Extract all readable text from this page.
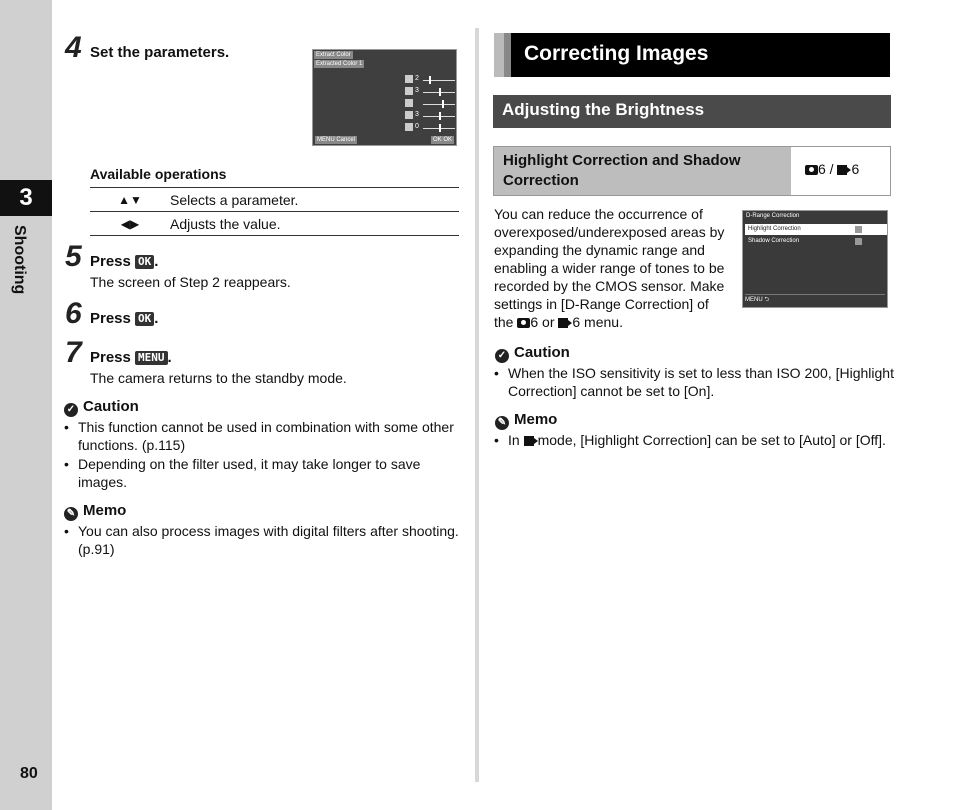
3
Shooting
80
4 Set the parameters.	Extract Color
Extracted Color 1
2
3
3
0
MENU Cancel	OK OK
Available operations
▲▼	Selects a parameter.
◀▶	Adjusts the value.
5 Press OK .
The screen of Step 2 reappears.
6 Press OK .
7 Press MENU .
The camera returns to the standby mode.
✓ Caution
• This function cannot be used in combination with some other functions. (p.115)
• Depending on the filter used, it may take longer to save images.
✎ Memo
• You can also process images with digital filters after shooting. (p.91)
Correcting Images
Adjusting the Brightness
Highlight Correction and Shadow Correction
6 / 6
You can reduce the occurrence of overexposed/underexposed areas by expanding the dynamic range and enabling a wider range of tones to be recorded by the CMOS sensor. Make settings in [D-Range Correction] of the 6 or 6 menu.
D-Range Correction
Highlight Correction
Shadow Correction
MENU ⮌
✓ Caution
• When the ISO sensitivity is set to less than ISO 200, [Highlight Correction] cannot be set to [On].
✎ Memo
• In mode, [Highlight Correction] can be set to [Auto] or [Off].
